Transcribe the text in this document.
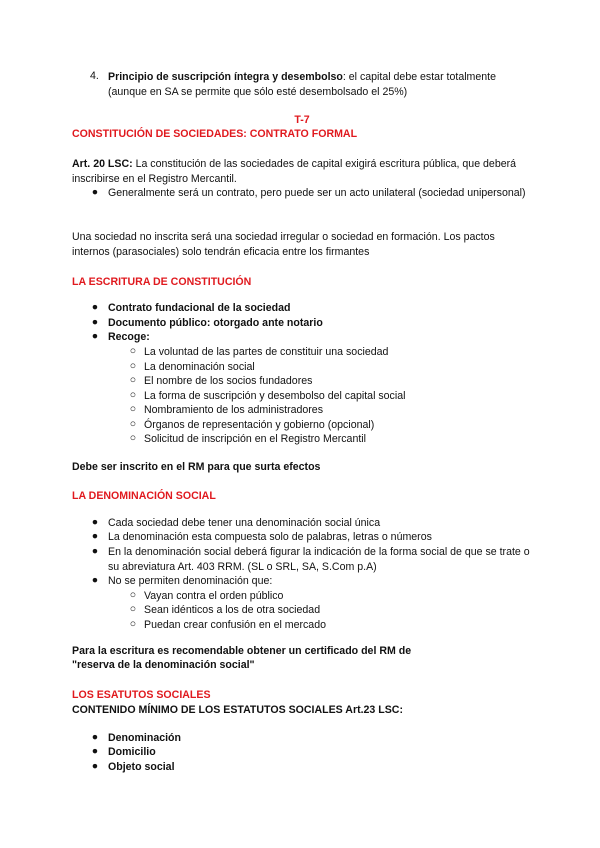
4. Principio de suscripción íntegra y desembolso: el capital debe estar totalmente (aunque en SA se permite que sólo esté desembolsado el 25%)
T-7
CONSTITUCIÓN DE SOCIEDADES: CONTRATO FORMAL
Art. 20 LSC: La constitución de las sociedades de capital exigirá escritura pública, que deberá inscribirse en el Registro Mercantil.
● Generalmente será un contrato, pero puede ser un acto unilateral (sociedad unipersonal)
Una sociedad no inscrita será una sociedad irregular o sociedad en formación. Los pactos internos (parasociales) solo tendrán eficacia entre los firmantes
LA ESCRITURA DE CONSTITUCIÓN
● Contrato fundacional de la sociedad
● Documento público: otorgado ante notario
● Recoge:
○ La voluntad de las partes de constituir una sociedad
○ La denominación social
○ El nombre de los socios fundadores
○ La forma de suscripción y desembolso del capital social
○ Nombramiento de los administradores
○ Órganos de representación y gobierno (opcional)
○ Solicitud de inscripción en el Registro Mercantil
Debe ser inscrito en el RM para que surta efectos
LA DENOMINACIÓN SOCIAL
● Cada sociedad debe tener una denominación social única
● La denominación esta compuesta solo de palabras, letras o números
● En la denominación social deberá figurar la indicación de la forma social de que se trate o su abreviatura Art. 403 RRM. (SL o SRL, SA, S.Com p.A)
● No se permiten denominación que:
○ Vayan contra el orden público
○ Sean idénticos a los de otra sociedad
○ Puedan crear confusión en el mercado
Para la escritura es recomendable obtener un certificado del RM de
"reserva de la denominación social"
LOS ESATUTOS SOCIALES
CONTENIDO MÍNIMO DE LOS ESTATUTOS SOCIALES Art.23 LSC:
● Denominación
● Domicilio
● Objeto social
